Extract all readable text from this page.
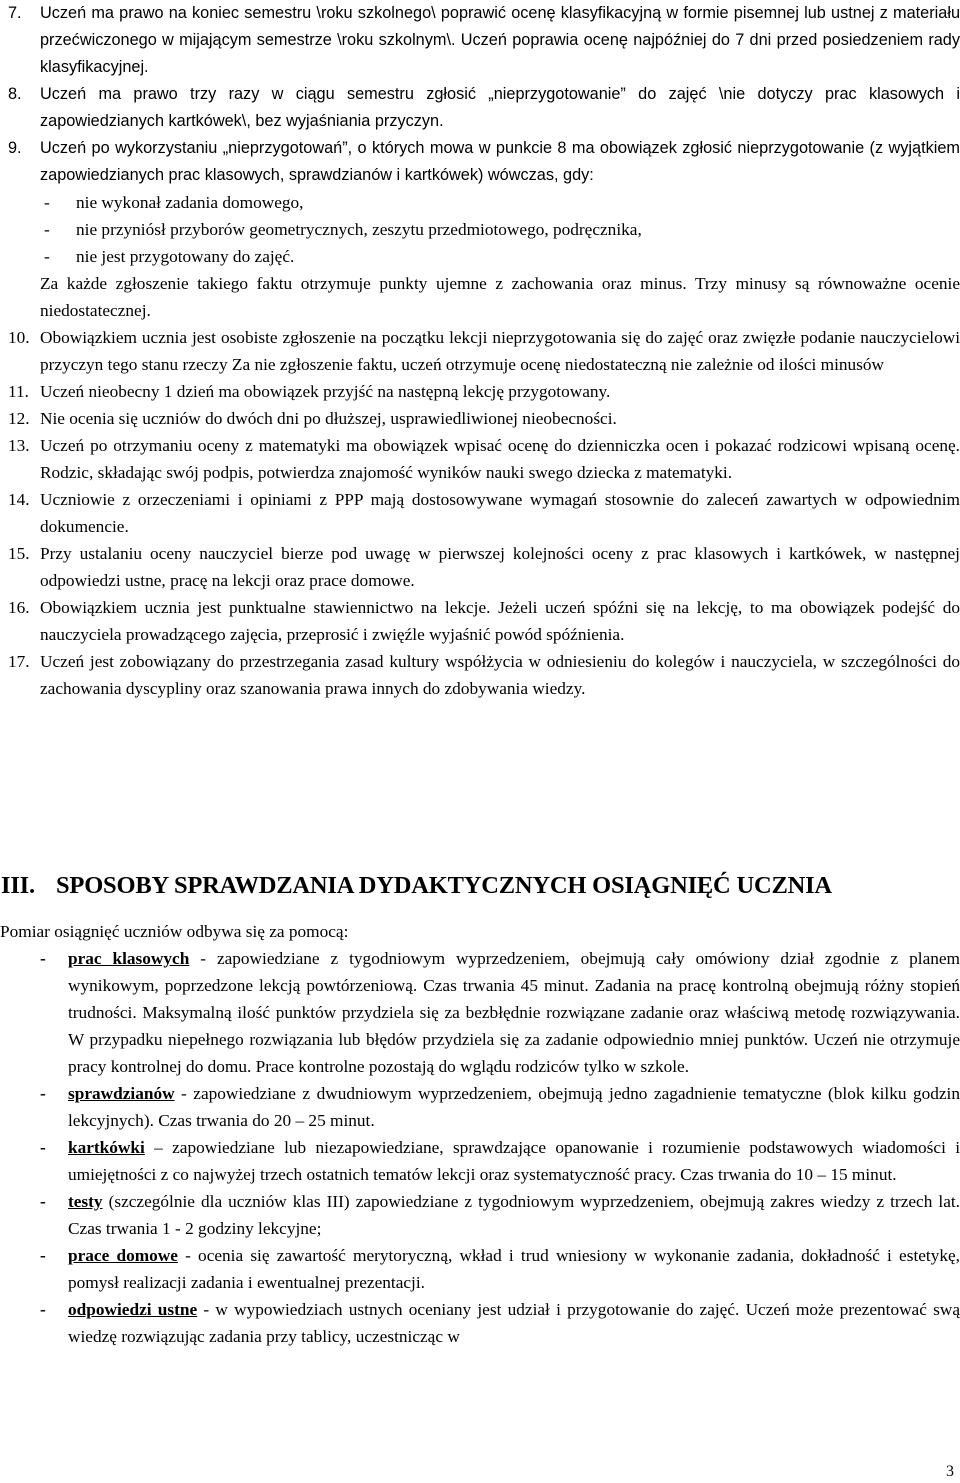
7. Uczeń ma prawo na koniec semestru \roku szkolnego\ poprawić ocenę klasyfikacyjną w formie pisemnej lub ustnej z materiału przećwiczonego w mijającym semestrze \roku szkolnym\. Uczeń poprawia ocenę najpóźniej do 7 dni przed posiedzeniem rady klasyfikacyjnej.
8. Uczeń ma prawo trzy razy w ciągu semestru zgłosić „nieprzygotowanie” do zajęć \nie dotyczy prac klasowych i zapowiedzianych kartkówek\, bez wyjaśniania przyczyn.
9. Uczeń po wykorzystaniu „nieprzygotowań”, o których mowa w punkcie 8 ma obowiązek zgłosić nieprzygotowanie (z wyjątkiem zapowiedzianych prac klasowych, sprawdzianów i kartkówek) wówczas, gdy:
- nie wykonał zadania domowego,
- nie przyniósł przyborów geometrycznych, zeszytu przedmiotowego, podręcznika,
- nie jest przygotowany do zajęć.

Za każde zgłoszenie takiego faktu otrzymuje punkty ujemne z zachowania oraz minus. Trzy minusy są równoważne ocenie niedostatecznej.

10. Obowiązkiem ucznia jest osobiste zgłoszenie na początku lekcji nieprzygotowania się do zajęć oraz zwięzłe podanie nauczycielowi przyczyn tego stanu rzeczy Za nie zgłoszenie faktu, uczeń otrzymuje ocenę niedostateczną nie zależnie od ilości minusów
11. Uczeń nieobecny 1 dzień ma obowiązek przyjść na następną lekcję przygotowany.
12. Nie ocenia się uczniów do dwóch dni po dłuższej, usprawiedliwionej nieobecności.
13. Uczeń po otrzymaniu oceny z matematyki ma obowiązek wpisać ocenę do dzienniczka ocen i pokazać rodzicowi wpisaną ocenę. Rodzic, składając swój podpis, potwierdza znajomość wyników nauki swego dziecka z matematyki.
14. Uczniowie z orzeczeniami i opiniami z PPP mają dostosowywane wymagań stosownie do zaleceń zawartych w odpowiednim dokumencie.
15. Przy ustalaniu oceny nauczyciel bierze pod uwagę w pierwszej kolejności oceny z prac klasowych i kartkówek, w następnej odpowiedzi ustne, pracę na lekcji oraz prace domowe.
16. Obowiązkiem ucznia jest punktualne stawiennictwo na lekcje. Jeżeli uczeń spóźni się na lekcję, to ma obowiązek podejść do nauczyciela prowadzącego zajęcia, przeprosić i zwięźle wyjaśnić powód spóźnienia.
17. Uczeń jest zobowiązany do przestrzegania zasad kultury współżycia w odniesieniu do kolegów i nauczyciela, w szczególności do zachowania dyscypliny oraz szanowania prawa innych do zdobywania wiedzy.
III. SPOSOBY SPRAWDZANIA DYDAKTYCZNYCH OSIĄGNIĘĆ UCZNIA
Pomiar osiągnięć uczniów odbywa się za pomocą:
- prac klasowych - zapowiedziane z tygodniowym wyprzedzeniem, obejmują cały omówiony dział zgodnie z planem wynikowym, poprzedzone lekcją powtórzeniową. Czas trwania 45 minut. Zadania na pracę kontrolną obejmują różny stopień trudności. Maksymalną ilość punktów przydziela się za bezbłędnie rozwiązane zadanie oraz właściwą metodę rozwiązywania. W przypadku niepełnego rozwiązania lub błędów przydziela się za zadanie odpowiednio mniej punktów. Uczeń nie otrzymuje pracy kontrolnej do domu. Prace kontrolne pozostają do wglądu rodziców tylko w szkole.
- sprawdzianów - zapowiedziane z dwudniowym wyprzedzeniem, obejmują jedno zagadnienie tematyczne (blok kilku godzin lekcyjnych). Czas trwania do 20 – 25 minut.
- kartkówki – zapowiedziane lub niezapowiedziane, sprawdzające opanowanie i rozumienie podstawowych wiadomości i umiejętności z co najwyżej trzech ostatnich tematów lekcji oraz systematyczność pracy. Czas trwania do 10 – 15 minut.
- testy (szczególnie dla uczniów klas III) zapowiedziane z tygodniowym wyprzedzeniem, obejmują zakres wiedzy z trzech lat. Czas trwania 1 - 2 godziny lekcyjne;
- prace domowe - ocenia się zawartość merytoryczną, wkład i trud wniesiony w wykonanie zadania, dokładność i estetykę, pomysł realizacji zadania i ewentualnej prezentacji.
- odpowiedzi ustne - w wypowiedziach ustnych oceniany jest udział i przygotowanie do zajęć. Uczeń może prezentować swą wiedzę rozwiązując zadania przy tablicy, uczestnicząc w
3
